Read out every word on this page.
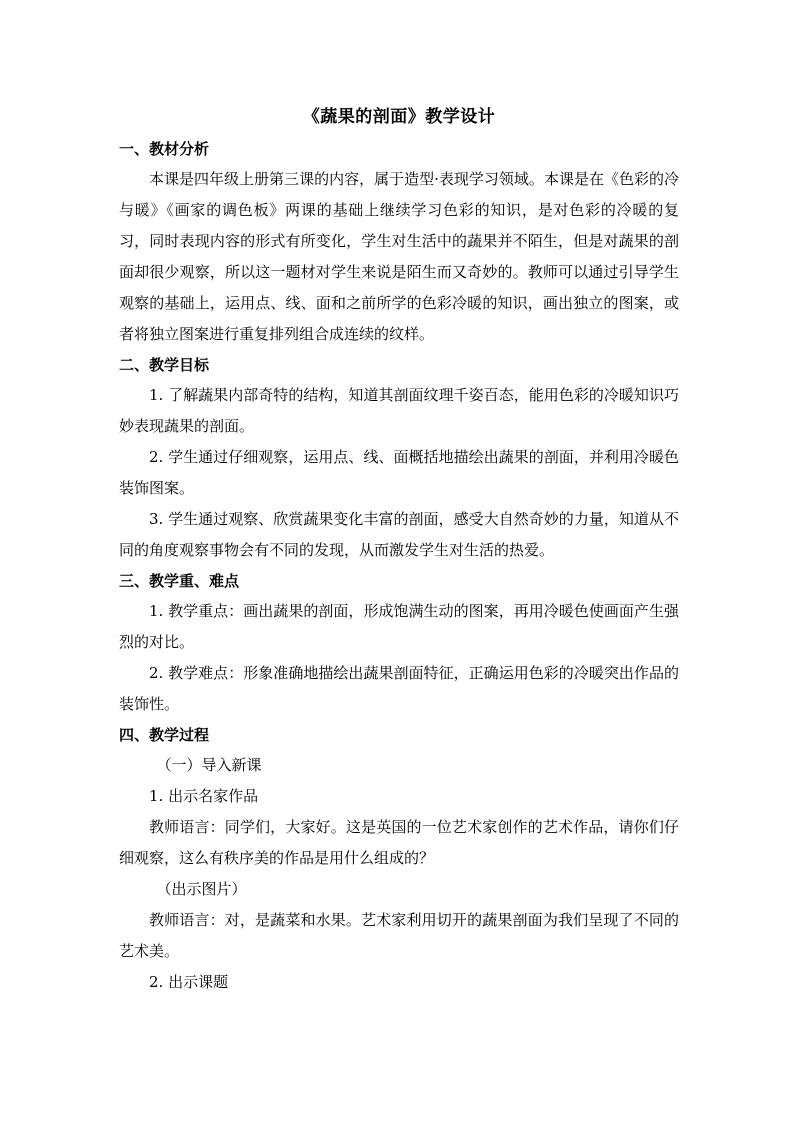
《蔬果的剖面》教学设计
一、教材分析

本课是四年级上册第三课的内容，属于造型·表现学习领域。本课是在《色彩的冷与暖》《画家的调色板》两课的基础上继续学习色彩的知识，是对色彩的冷暖的复习，同时表现内容的形式有所变化，学生对生活中的蔬果并不陌生，但是对蔬果的剖面却很少观察，所以这一题材对学生来说是陌生而又奇妙的。教师可以通过引导学生观察的基础上，运用点、线、面和之前所学的色彩冷暖的知识，画出独立的图案，或者将独立图案进行重复排列组合成连续的纹样。

二、教学目标

1. 了解蔬果内部奇特的结构，知道其剖面纹理千姿百态，能用色彩的冷暖知识巧妙表现蔬果的剖面。

2. 学生通过仔细观察，运用点、线、面概括地描绘出蔬果的剖面，并利用冷暖色装饰图案。

3. 学生通过观察、欣赏蔬果变化丰富的剖面，感受大自然奇妙的力量，知道从不同的角度观察事物会有不同的发现，从而激发学生对生活的热爱。

三、教学重、难点

1. 教学重点：画出蔬果的剖面，形成饱满生动的图案，再用冷暖色使画面产生强烈的对比。

2. 教学难点：形象准确地描绘出蔬果剖面特征，正确运用色彩的冷暖突出作品的装饰性。

四、教学过程

（一）导入新课

1. 出示名家作品

教师语言：同学们，大家好。这是英国的一位艺术家创作的艺术作品，请你们仔细观察，这么有秩序美的作品是用什么组成的？

（出示图片）

教师语言：对，是蔬菜和水果。艺术家利用切开的蔬果剖面为我们呈现了不同的艺术美。

2. 出示课题
